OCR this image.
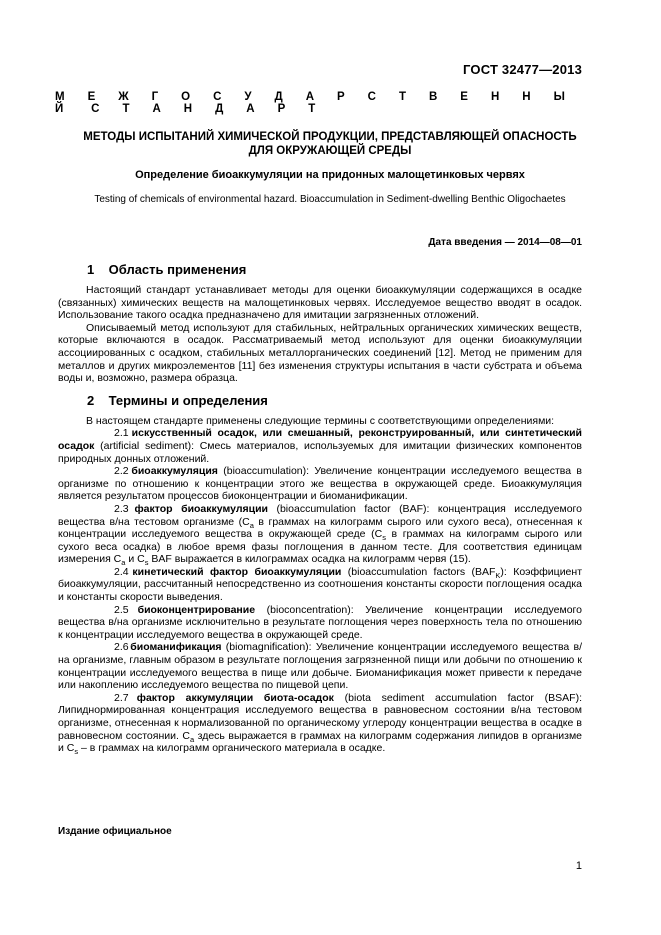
ГОСТ 32477—2013
М Е Ж Г О С У Д А Р С Т В Е Н Н Ы Й С Т А Н Д А Р Т
МЕТОДЫ ИСПЫТАНИЙ ХИМИЧЕСКОЙ ПРОДУКЦИИ, ПРЕДСТАВЛЯЮЩЕЙ ОПАСНОСТЬ
ДЛЯ ОКРУЖАЮЩЕЙ СРЕДЫ
Определение биоаккумуляции на придонных малощетинковых червях

Testing of chemicals of environmental hazard. Bioaccumulation in Sediment-dwelling Benthic Oligochaetes

Дата введения — 2014—08—01
1 Область применения

Настоящий стандарт устанавливает методы для оценки биоаккумуляции содержащихся в осадке (связанных) химических веществ на малощетинковых червях. Исследуемое вещество вводят в осадок. Использование такого осадка предназначено для имитации загрязненных отложений.

Описываемый метод используют для стабильных, нейтральных органических химических веществ, которые включаются в осадок. Рассматриваемый метод используют для оценки биоаккумуляции ассоциированных с осадком, стабильных металлорганических соединений [12]. Метод не применим для металлов и других микроэлементов [11] без изменения структуры испытания в части субстрата и объема воды и, возможно, размера образца.

2 Термины и определения

В настоящем стандарте применены следующие термины с соответствующими определениями:

2.1 искусственный осадок, или смешанный, реконструированный, или синтетический осадок (artificial sediment): Смесь материалов, используемых для имитации физических компонентов природных донных отложений.

2.2 биоаккумуляция (bioaccumulation): Увеличение концентрации исследуемого вещества в организме по отношению к концентрации этого же вещества в окружающей среде. Биоаккумуляция является результатом процессов биоконцентрации и биоманификации.

2.3 фактор биоаккумуляции (bioaccumulation factor (BAF): концентрация исследуемого вещества в/на тестовом организме ($C_a$ в граммах на килограмм сырого или сухого веса), отнесенная к концентрации исследуемого вещества в окружающей среде ($C_s$ в граммах на килограмм сырого или сухого веса осадка) в любое время фазы поглощения в данном тесте. Для соответствия единицам измерения $C_a$ и $C_s$ BAF выражается в килограммах осадка на килограмм червя (15).

2.4 кинетический фактор биоаккумуляции (bioaccumulation factors $(BAF_K)$: Коэффициент биоаккумуляции, рассчитанный непосредственно из соотношения константы скорости поглощения осадка и константы скорости выведения.

2.5 биоконцентрирование (bioconcentration): Увеличение концентрации исследуемого вещества в/на организме исключительно в результате поглощения через поверхность тела по отношению к концентрации исследуемого вещества в окружающей среде.

2.6 биоманификация (biomagnification): Увеличение концентрации исследуемого вещества в/на организме, главным образом в результате поглощения загрязненной пищи или добычи по отношению к концентрации исследуемого вещества в пище или добыче. Биоманификация может привести к передаче или накоплению исследуемого вещества по пищевой цепи.

2.7 фактор аккумуляции биота-осадок (biota sediment accumulation factor (BSAF): Липиднормированная концентрация исследуемого вещества в равновесном состоянии в/на тестовом организме, отнесенная к нормализованной по органическому углероду концентрации вещества в осадке в равновесном состоянии. $C_a$ здесь выражается в граммах на килограмм содержания липидов в организме и $C_s$ – в граммах на килограмм органического материала в осадке.

Издание официальное
1
